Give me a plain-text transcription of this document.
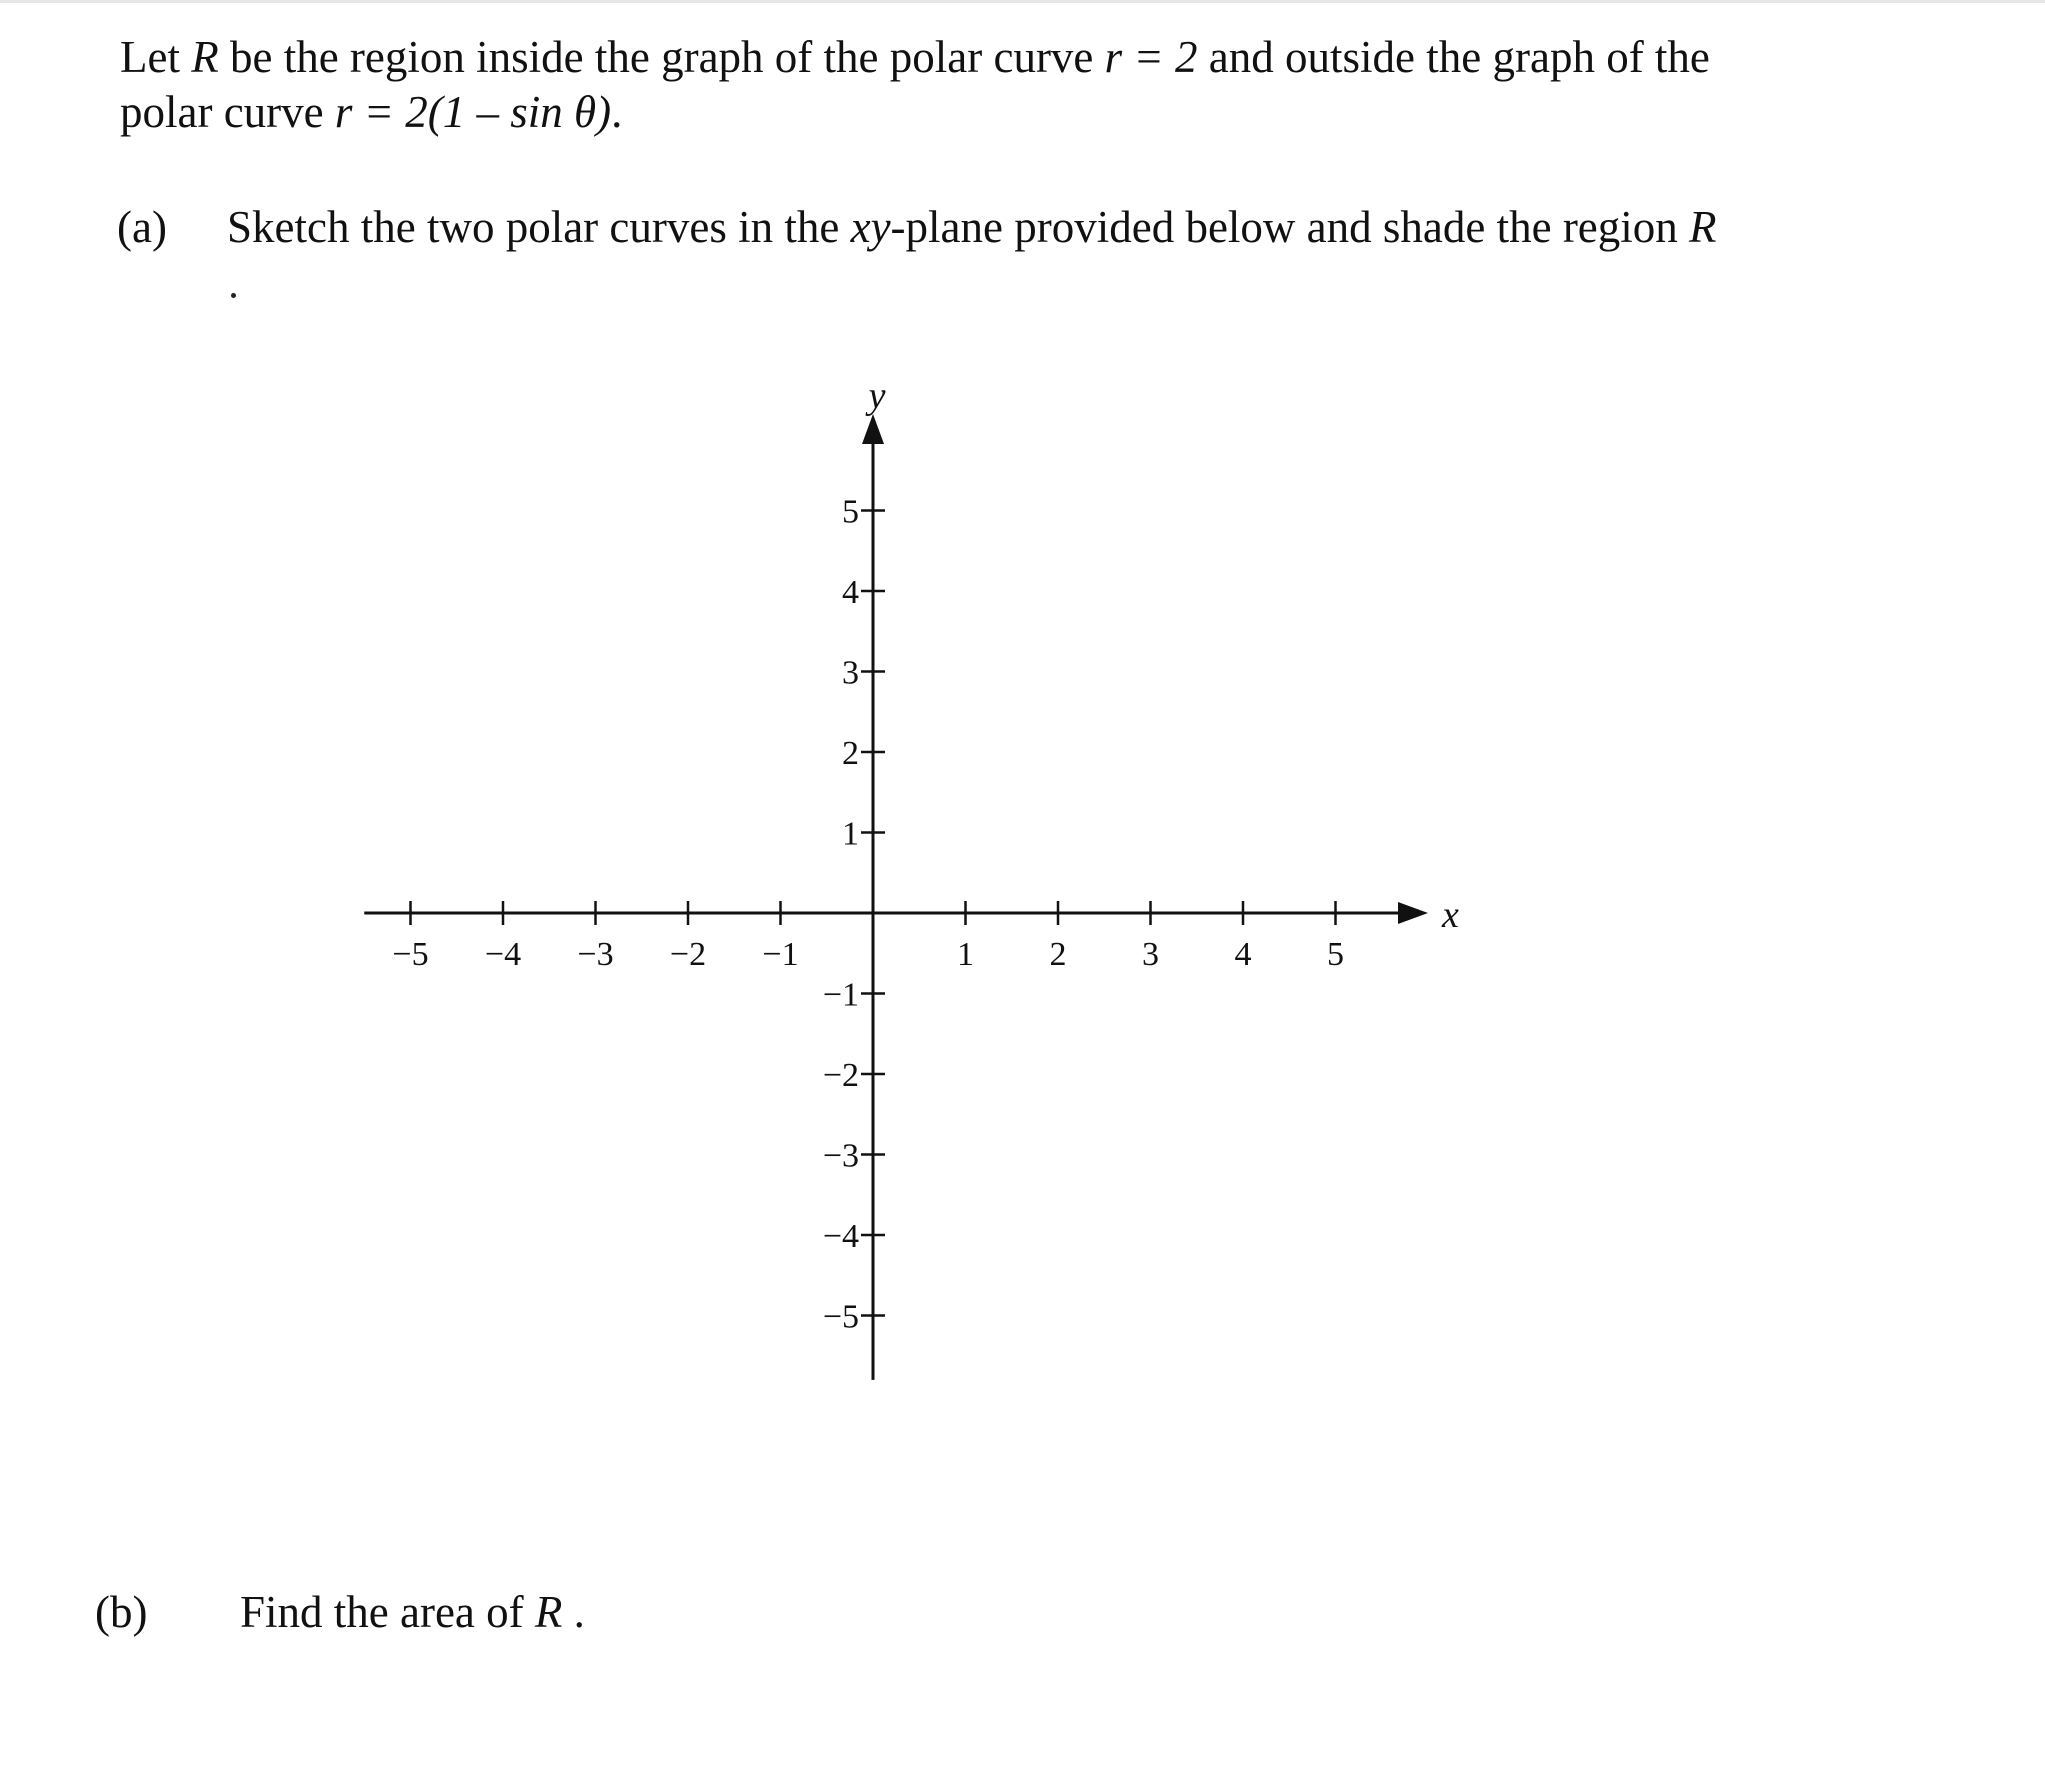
Let R be the region inside the graph of the polar curve r = 2 and outside the graph of the
polar curve r = 2(1 – sin θ).
(a) Sketch the two polar curves in the xy-plane provided below and shade the region R
−5 −4 −3 −2 −1	1 2 3 4 5
5
4
3
2
1
−1
−2
−3
−4
−5
x
y
(b) Find the area of R .
